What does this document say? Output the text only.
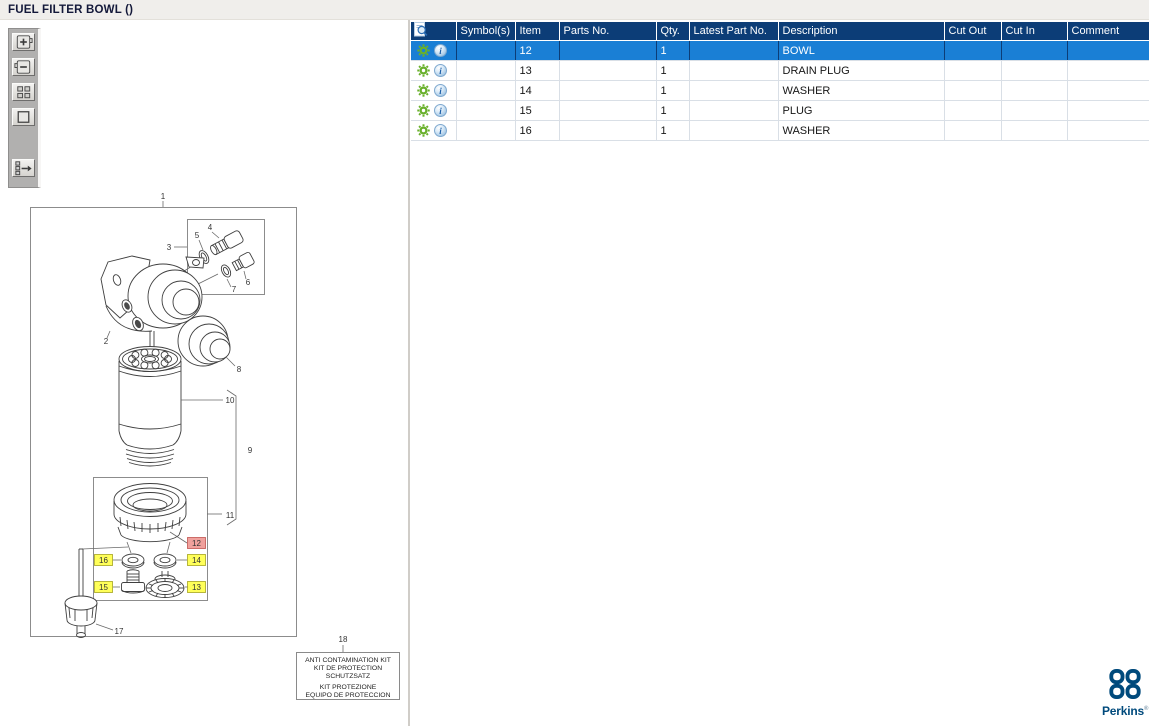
FUEL FILTER BOWL ()
	Symbol(s)	Item	Parts No.	Qty.	Latest Part No.	Description	Cut Out	Cut In	Comment

i		12		1		BOWL			

i		13		1		DRAIN PLUG			

i		14		1		WASHER			

i		15		1		PLUG			

i		16		1		WASHER			
1
3
4
5
6
7
2
8
10
9
11
12
16	14
15	13
17
18
ANTI CONTAMINATION KIT
KIT DE PROTECTION
SCHUTZSATZ
KIT PROTEZIONE
EQUIPO DE PROTECCION
Perkins®
